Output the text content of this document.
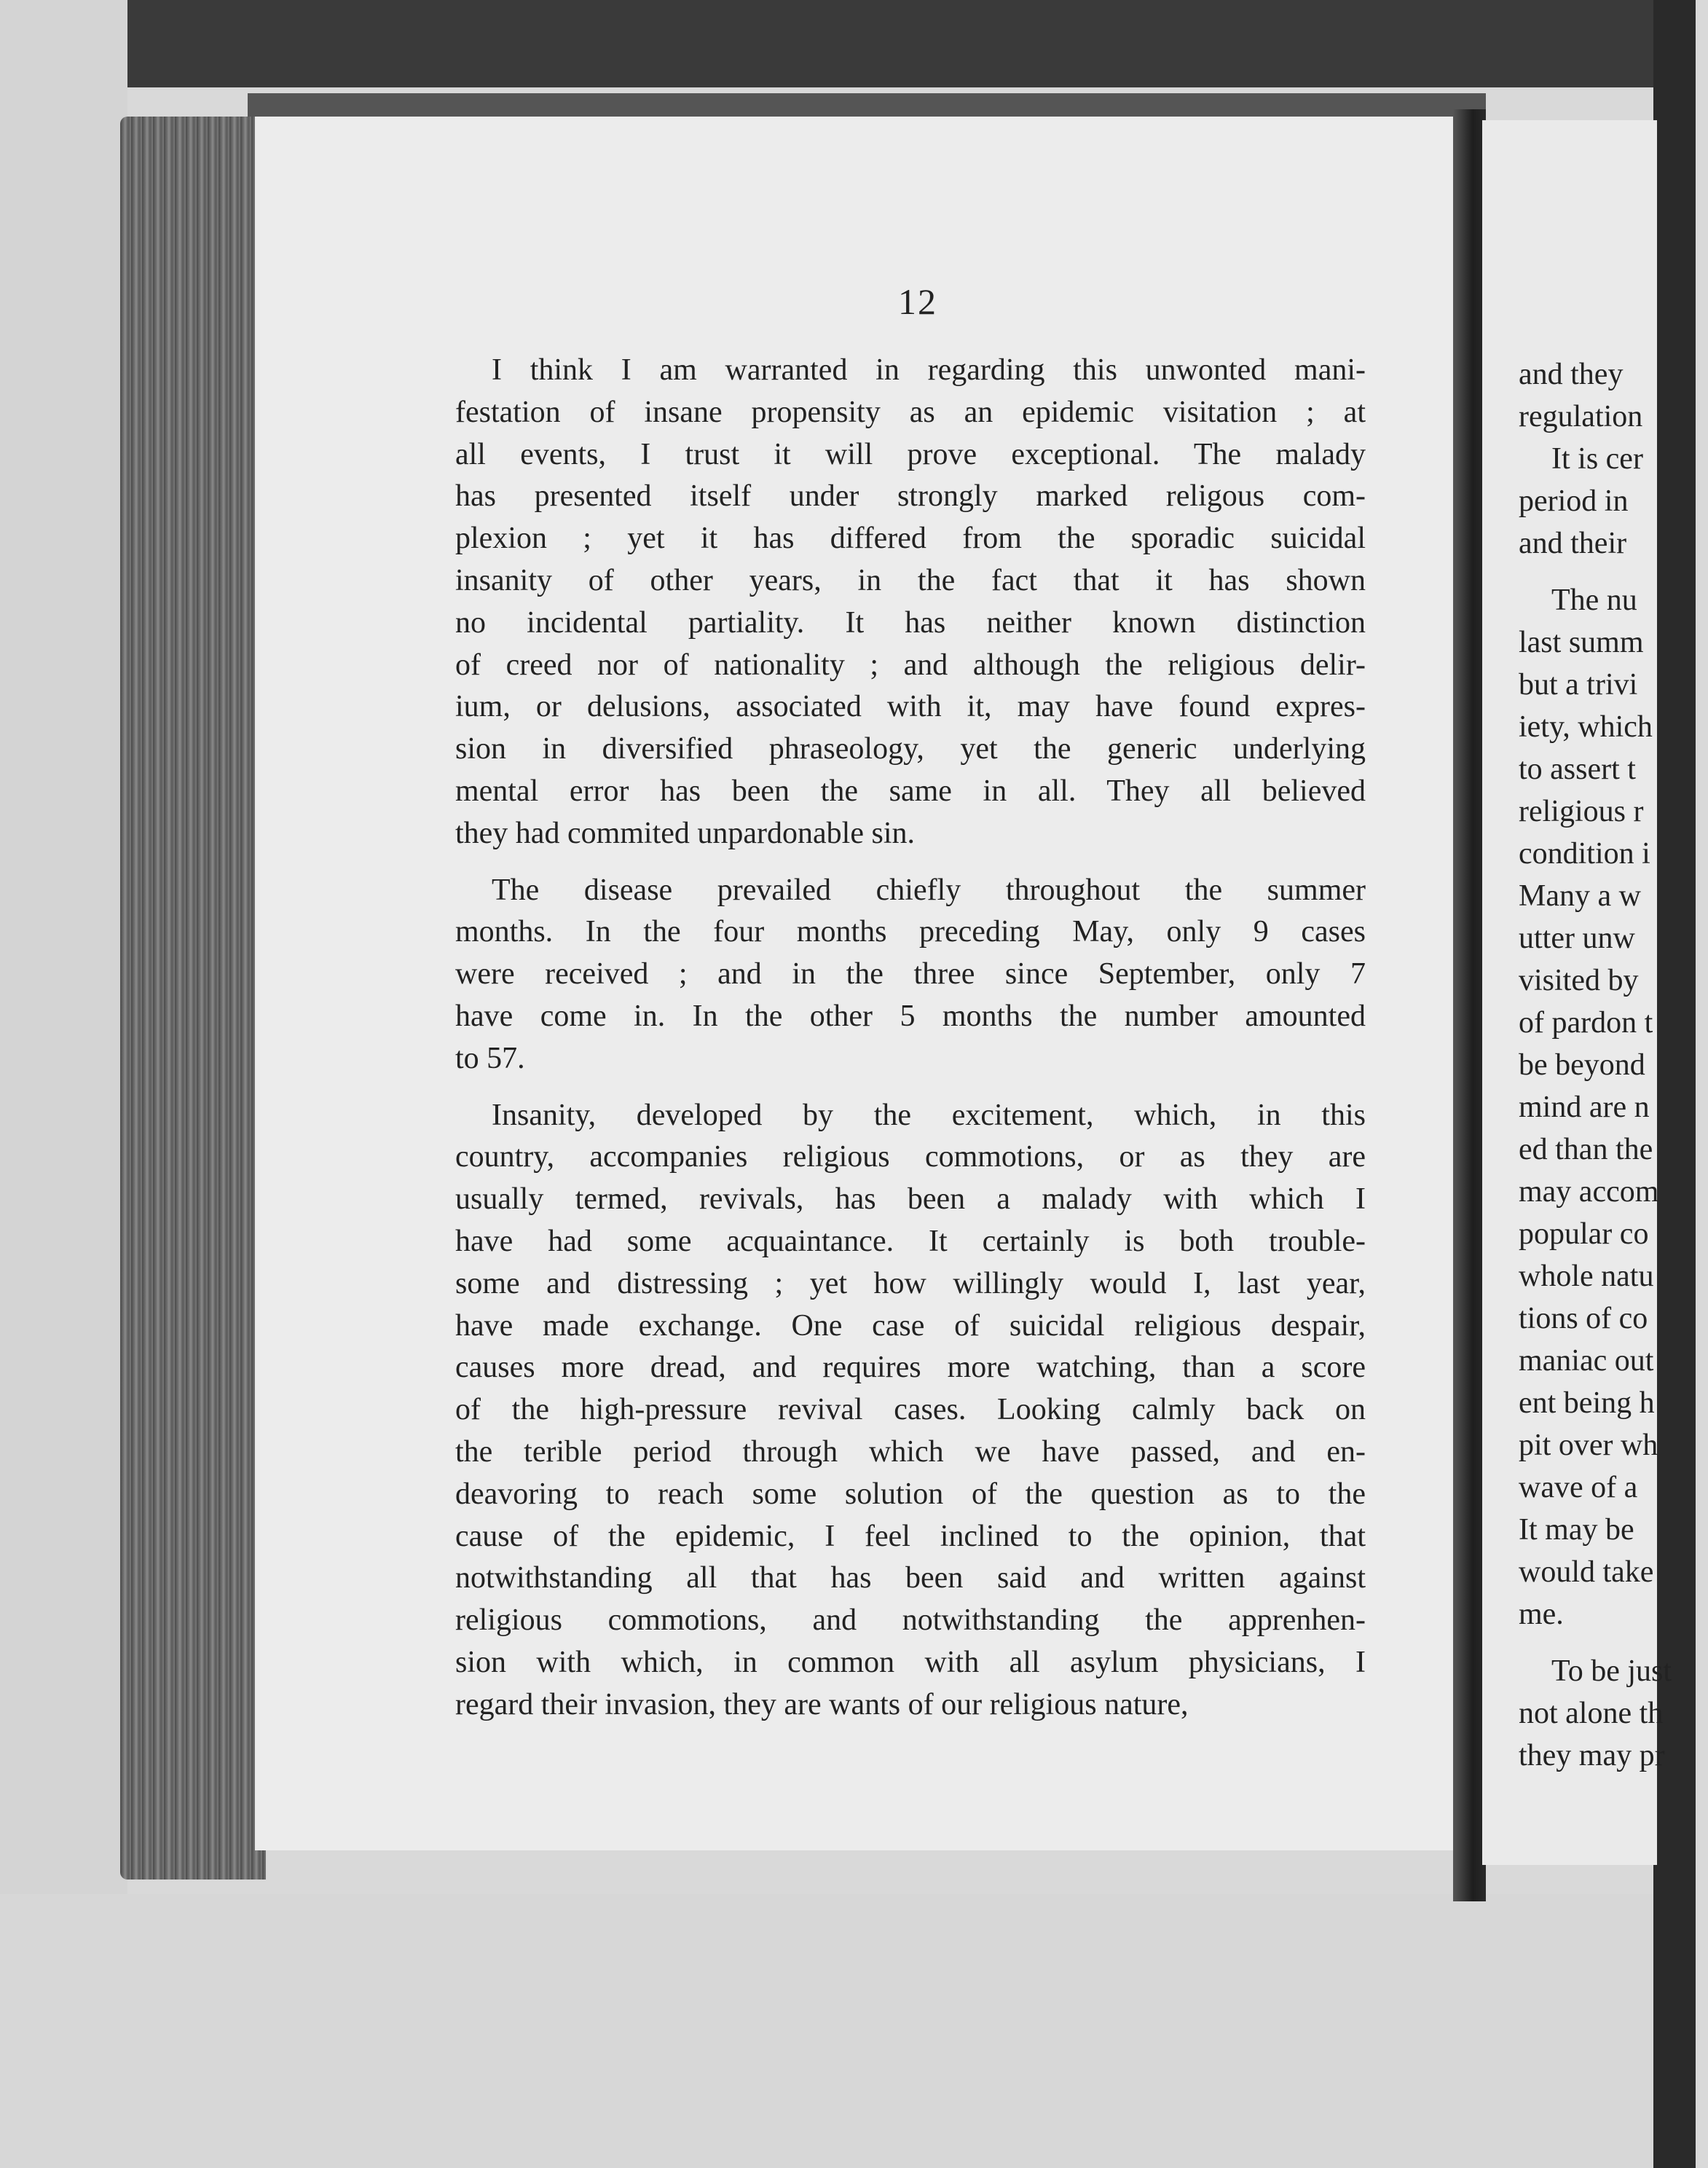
and they
regulation
It is cer
period in
and their
The nu
last summ
but a trivi
iety, which
to assert t
religious r
condition i
Many a w
utter unw
visited by
of pardon t
be beyond
mind are n
ed than the
may accom
popular co
whole natu
tions of co
maniac out
ent being h
pit over wh
wave of a
It may be
would take
me.
To be just
not alone th
they may pr
12

I think I am warranted in regarding this unwonted mani-
festation of insane propensity as an epidemic visitation ; at
all events, I trust it will prove exceptional. The malady
has presented itself under strongly marked religous com-
plexion ; yet it has differed from the sporadic suicidal
insanity of other years, in the fact that it has shown
no incidental partiality. It has neither known distinction
of creed nor of nationality ; and although the religious delir-
ium, or delusions, associated with it, may have found expres-
sion in diversified phraseology, yet the generic underlying
mental error has been the same in all. They all believed
they had commited unpardonable sin.

The disease prevailed chiefly throughout the summer
months. In the four months preceding May, only 9 cases
were received ; and in the three since September, only 7
have come in. In the other 5 months the number amounted
to 57.

Insanity, developed by the excitement, which, in this
country, accompanies religious commotions, or as they are
usually termed, revivals, has been a malady with which I
have had some acquaintance. It certainly is both trouble-
some and distressing ; yet how willingly would I, last year,
have made exchange. One case of suicidal religious despair,
causes more dread, and requires more watching, than a score
of the high-pressure revival cases. Looking calmly back on
the terible period through which we have passed, and en-
deavoring to reach some solution of the question as to the
cause of the epidemic, I feel inclined to the opinion, that
notwithstanding all that has been said and written against
religious commotions, and notwithstanding the apprenhen-
sion with which, in common with all asylum physicians, I
regard their invasion, they are wants of our religious nature,
